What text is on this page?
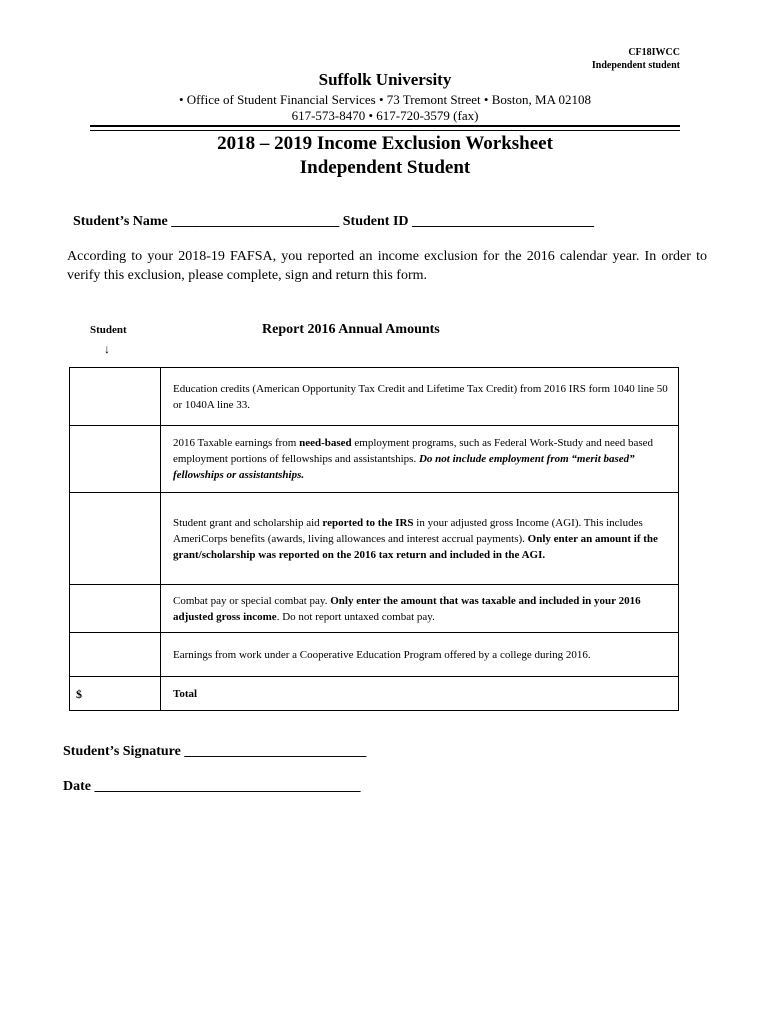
CF18IWCC
Independent student
Suffolk University
• Office of Student Financial Services • 73 Tremont Street • Boston, MA 02108
617-573-8470 • 617-720-3579 (fax)
2018 – 2019 Income Exclusion Worksheet
Independent Student
Student’s Name ________________________ Student ID __________________________
According to your 2018-19 FAFSA, you reported an income exclusion for the 2016 calendar year. In order to verify this exclusion, please complete, sign and return this form.
Student
↓
Report 2016 Annual Amounts
	Education credits (American Opportunity Tax Credit and Lifetime Tax Credit) from 2016 IRS form 1040 line 50 or 1040A line 33.
	2016 Taxable earnings from need-based employment programs, such as Federal Work-Study and need based employment portions of fellowships and assistantships. Do not include employment from “merit based” fellowships or assistantships.
	Student grant and scholarship aid reported to the IRS in your adjusted gross Income (AGI). This includes AmeriCorps benefits (awards, living allowances and interest accrual payments). Only enter an amount if the grant/scholarship was reported on the 2016 tax return and included in the AGI.
	Combat pay or special combat pay. Only enter the amount that was taxable and included in your 2016 adjusted gross income. Do not report untaxed combat pay.
	Earnings from work under a Cooperative Education Program offered by a college during 2016.
$	Total
Student’s Signature __________________________
Date ______________________________________
